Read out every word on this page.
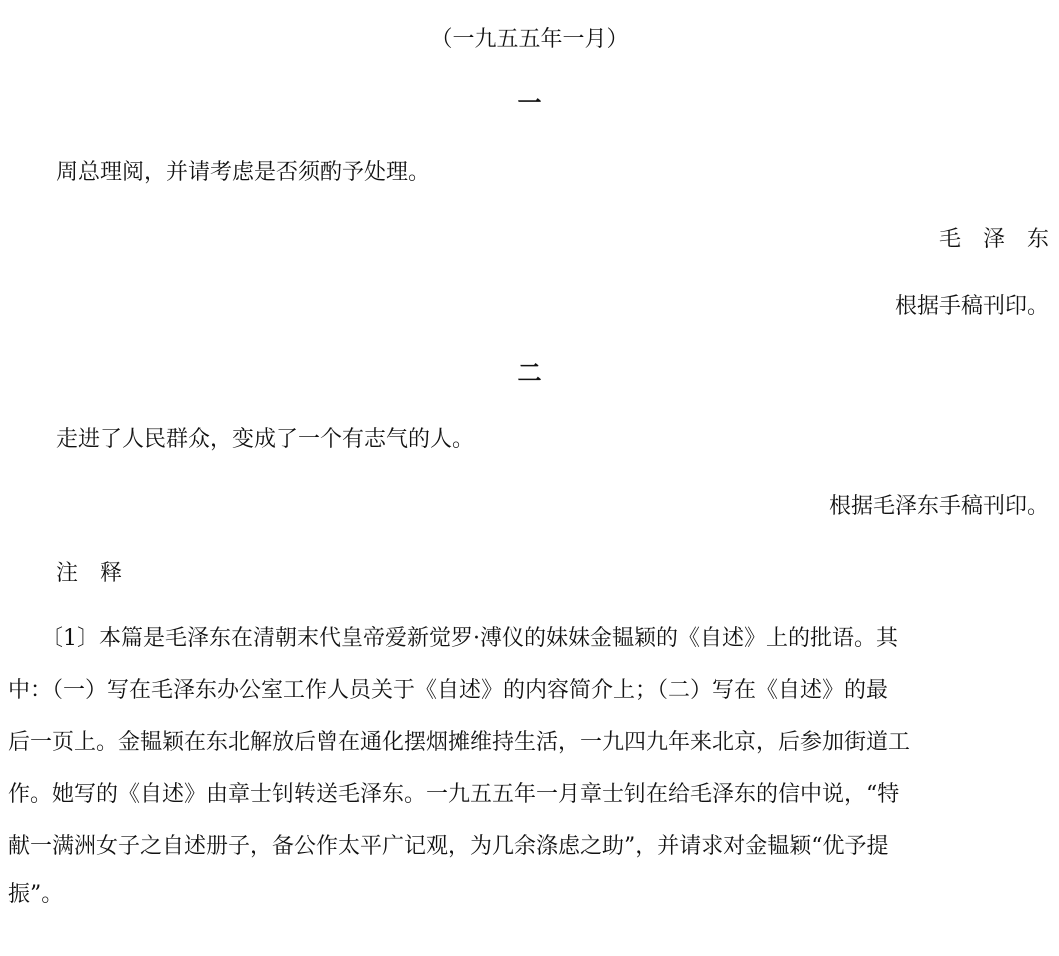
（一九五五年一月）
一
周总理阅，并请考虑是否须酌予处理。
毛　泽　东
根据手稿刊印。
二
走进了人民群众，变成了一个有志气的人。
根据毛泽东手稿刊印。
注　释
　　〔1〕本篇是毛泽东在清朝末代皇帝爱新觉罗·溥仪的妹妹金韫颖的《自述》上的批语。其
中：（一）写在毛泽东办公室工作人员关于《自述》的内容简介上；（二）写在《自述》的最
后一页上。金韫颖在东北解放后曾在通化摆烟摊维持生活，一九四九年来北京，后参加街道工
作。她写的《自述》由章士钊转送毛泽东。一九五五年一月章士钊在给毛泽东的信中说，“特
献一满洲女子之自述册子，备公作太平广记观，为几余涤虑之助”，并请求对金韫颖“优予提
振”。
